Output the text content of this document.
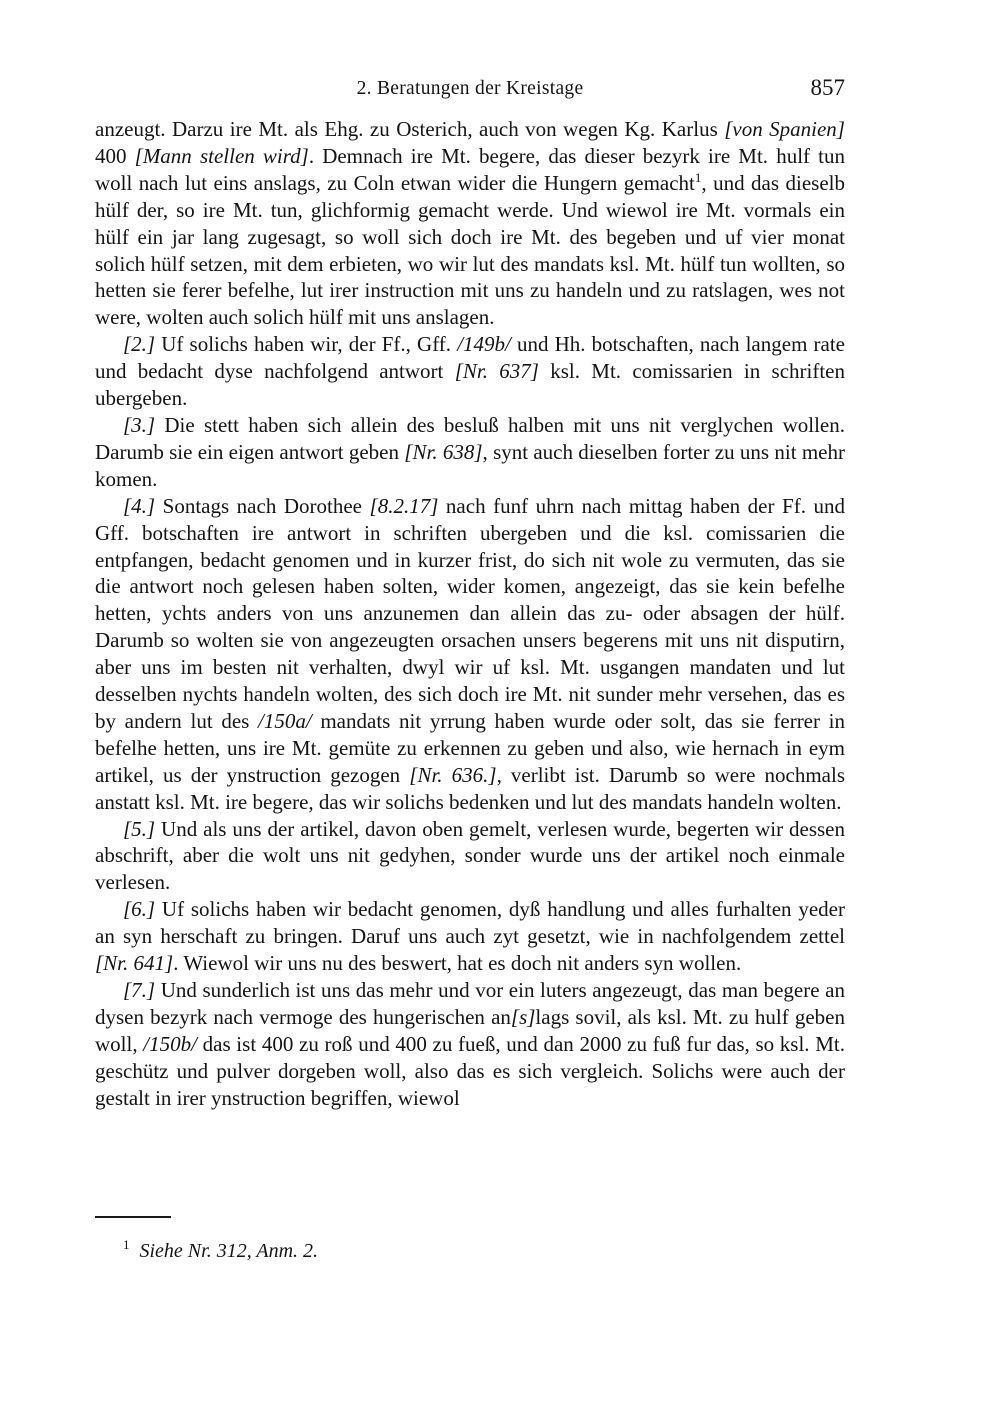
2. Beratungen der Kreistage	857

anzeugt. Darzu ire Mt. als Ehg. zu Osterich, auch von wegen Kg. Karlus [von Spanien] 400 [Mann stellen wird]. Demnach ire Mt. begere, das dieser bezyrk ire Mt. hulf tun woll nach lut eins anslags, zu Coln etwan wider die Hungern gemacht$^1$, und das dieselb hülf der, so ire Mt. tun, glichformig gemacht werde. Und wiewol ire Mt. vormals ein hülf ein jar lang zugesagt, so woll sich doch ire Mt. des begeben und uf vier monat solich hülf setzen, mit dem erbieten, wo wir lut des mandats ksl. Mt. hülf tun wollten, so hetten sie ferer befelhe, lut irer instruction mit uns zu handeln und zu ratslagen, wes not were, wolten auch solich hülf mit uns anslagen.

[2.] Uf solichs haben wir, der Ff., Gff. /149b/ und Hh. botschaften, nach langem rate und bedacht dyse nachfolgend antwort [Nr. 637] ksl. Mt. comissarien in schriften ubergeben.

[3.] Die stett haben sich allein des besluß halben mit uns nit verglychen wollen. Darumb sie ein eigen antwort geben [Nr. 638], synt auch dieselben forter zu uns nit mehr komen.

[4.] Sontags nach Dorothee [8.2.17] nach funf uhrn nach mittag haben der Ff. und Gff. botschaften ire antwort in schriften ubergeben und die ksl. comissarien die entpfangen, bedacht genomen und in kurzer frist, do sich nit wole zu vermuten, das sie die antwort noch gelesen haben solten, wider komen, angezeigt, das sie kein befelhe hetten, ychts anders von uns anzunemen dan allein das zu- oder absagen der hülf. Darumb so wolten sie von angezeugten orsachen unsers begerens mit uns nit disputirn, aber uns im besten nit verhalten, dwyl wir uf ksl. Mt. usgangen mandaten und lut desselben nychts handeln wolten, des sich doch ire Mt. nit sunder mehr versehen, das es by andern lut des /150a/ mandats nit yrrung haben wurde oder solt, das sie ferrer in befelhe hetten, uns ire Mt. gemüte zu erkennen zu geben und also, wie hernach in eym artikel, us der ynstruction gezogen [Nr. 636.], verlibt ist. Darumb so were nochmals anstatt ksl. Mt. ire begere, das wir solichs bedenken und lut des mandats handeln wolten.

[5.] Und als uns der artikel, davon oben gemelt, verlesen wurde, begerten wir dessen abschrift, aber die wolt uns nit gedyhen, sonder wurde uns der artikel noch einmale verlesen.

[6.] Uf solichs haben wir bedacht genomen, dyß handlung und alles furhalten yeder an syn herschaft zu bringen. Daruf uns auch zyt gesetzt, wie in nachfolgendem zettel [Nr. 641]. Wiewol wir uns nu des beswert, hat es doch nit anders syn wollen.

[7.] Und sunderlich ist uns das mehr und vor ein luters angezeugt, das man begere an dysen bezyrk nach vermoge des hungerischen an[s]lags sovil, als ksl. Mt. zu hulf geben woll, /150b/ das ist 400 zu roß und 400 zu fueß, und dan 2000 zu fuß fur das, so ksl. Mt. geschütz und pulver dorgeben woll, also das es sich vergleich. Solichs were auch der gestalt in irer ynstruction begriffen, wiewol

$^1$ Siehe Nr. 312, Anm. 2.
